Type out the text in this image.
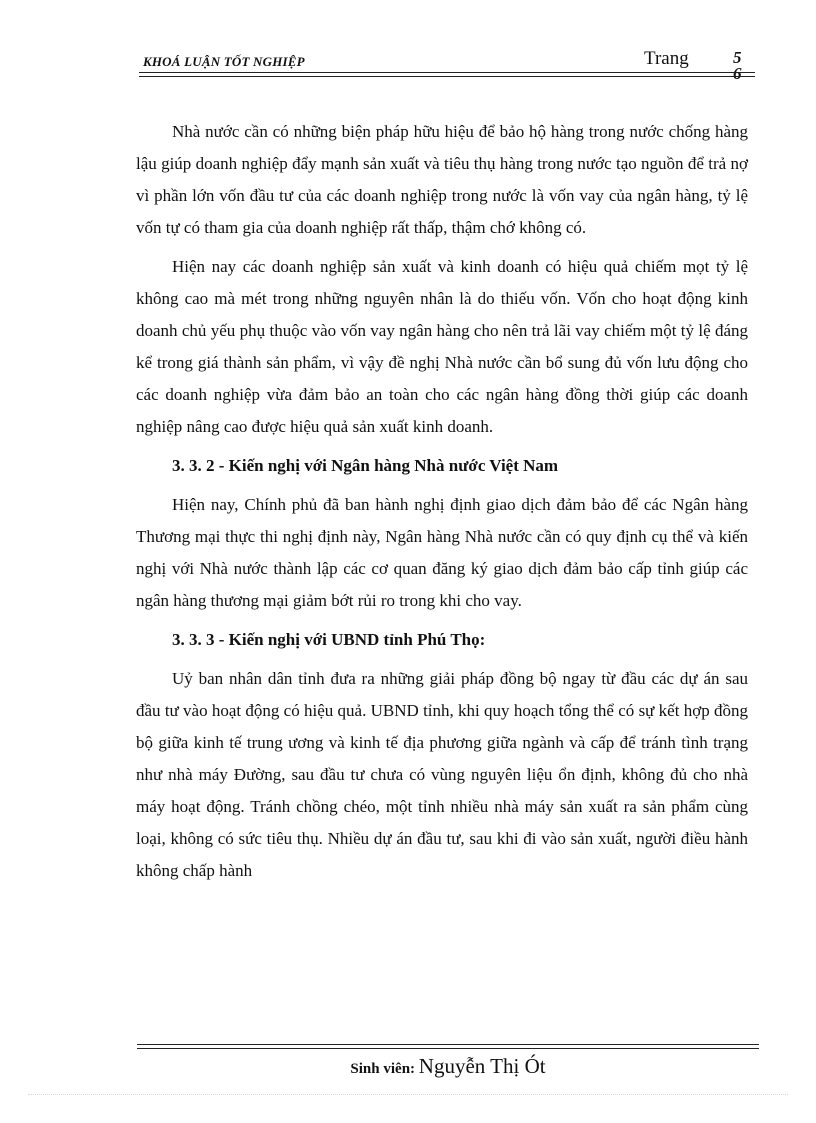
KHOÁ LUẬN TỐT NGHIỆP	Trang	56

Nhà nước cần có những biện pháp hữu hiệu để bảo hộ hàng trong nước chống hàng lậu giúp doanh nghiệp đẩy mạnh sản xuất và tiêu thụ hàng trong nước tạo nguồn để trả nợ vì phần lớn vốn đầu tư của các doanh nghiệp trong nước là vốn vay của ngân hàng, tỷ lệ vốn tự có tham gia của doanh nghiệp rất thấp, thậm chớ không có.

Hiện nay các doanh nghiệp sản xuất và kinh doanh có hiệu quả chiếm mọt tỷ lệ không cao mà mét trong những nguyên nhân là do thiếu vốn. Vốn cho hoạt động kinh doanh chủ yếu phụ thuộc vào vốn vay ngân hàng cho nên trả lãi vay chiếm một tỷ lệ đáng kể trong giá thành sản phẩm, vì vậy đề nghị Nhà nước cần bổ sung đủ vốn lưu động cho các doanh nghiệp vừa đảm bảo an toàn cho các ngân hàng đồng thời giúp các doanh nghiệp nâng cao được hiệu quả sản xuất kinh doanh.

3. 3. 2 - Kiến nghị với Ngân hàng Nhà nước Việt Nam

Hiện nay, Chính phủ đã ban hành nghị định giao dịch đảm bảo để các Ngân hàng Thương mại thực thi nghị định này, Ngân hàng Nhà nước cần có quy định cụ thể và kiến nghị với Nhà nước thành lập các cơ quan đăng ký giao dịch đảm bảo cấp tỉnh giúp các ngân hàng thương mại giảm bớt rủi ro trong khi cho vay.

3. 3. 3 - Kiến nghị với UBND tỉnh Phú Thọ:

Uỷ ban nhân dân tỉnh đưa ra những giải pháp đồng bộ ngay từ đầu các dự án sau đầu tư vào hoạt động có hiệu quả. UBND tỉnh, khi quy hoạch tổng thể có sự kết hợp đồng bộ giữa kinh tế trung ương và kinh tế địa phương giữa ngành và cấp để tránh tình trạng như nhà máy Đường, sau đầu tư chưa có vùng nguyên liệu ổn định, không đủ cho nhà máy hoạt động. Tránh chồng chéo, một tỉnh nhiều nhà máy sản xuất ra sản phẩm cùng loại, không có sức tiêu thụ. Nhiều dự án đầu tư, sau khi đi vào sản xuất, người điều hành không chấp hành

Sinh viên: Nguyễn Thị Ót
